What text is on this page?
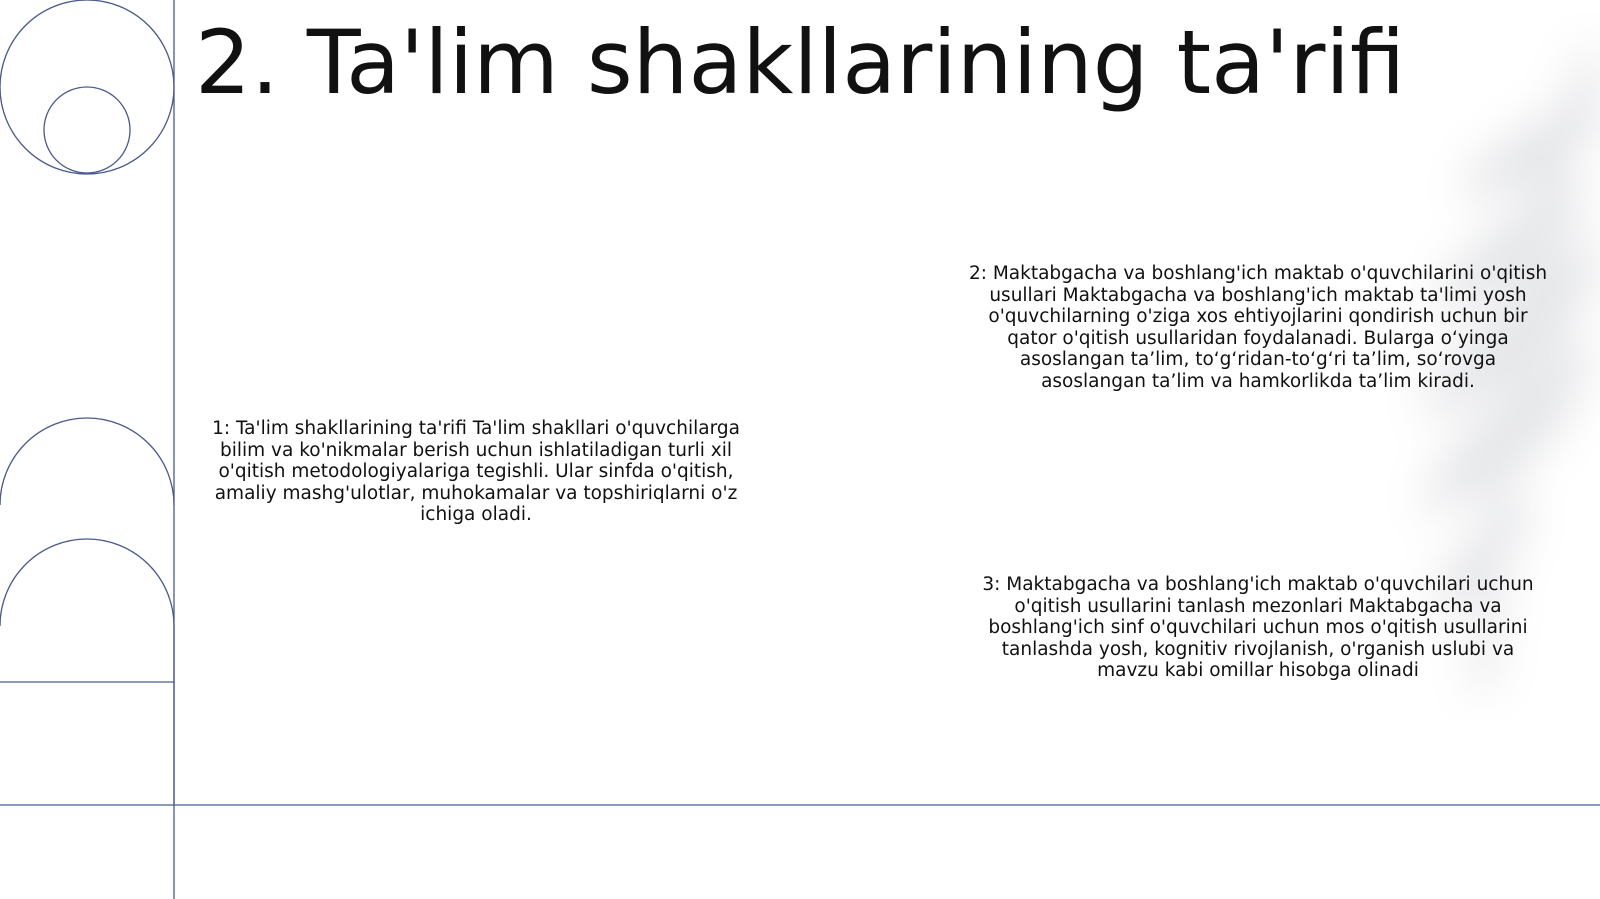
2. Ta'lim shakllarining ta'rifi

1: Ta'lim shakllarining ta'rifi Ta'lim shakllari o'quvchilarga bilim va ko'nikmalar berish uchun ishlatiladigan turli xil o'qitish metodologiyalariga tegishli. Ular sinfda o'qitish, amaliy mashg'ulotlar, muhokamalar va topshiriqlarni o'z ichiga oladi.

2: Maktabgacha va boshlang'ich maktab o'quvchilarini o'qitish usullari Maktabgacha va boshlang'ich maktab ta'limi yosh o'quvchilarning o'ziga xos ehtiyojlarini qondirish uchun bir qator o'qitish usullaridan foydalanadi. Bularga o‘yinga asoslangan ta’lim, to‘g‘ridan-to‘g‘ri ta’lim, so‘rovga asoslangan ta’lim va hamkorlikda ta’lim kiradi.

3: Maktabgacha va boshlang'ich maktab o'quvchilari uchun o'qitish usullarini tanlash mezonlari Maktabgacha va boshlang'ich sinf o'quvchilari uchun mos o'qitish usullarini tanlashda yosh, kognitiv rivojlanish, o'rganish uslubi va mavzu kabi omillar hisobga olinadi
